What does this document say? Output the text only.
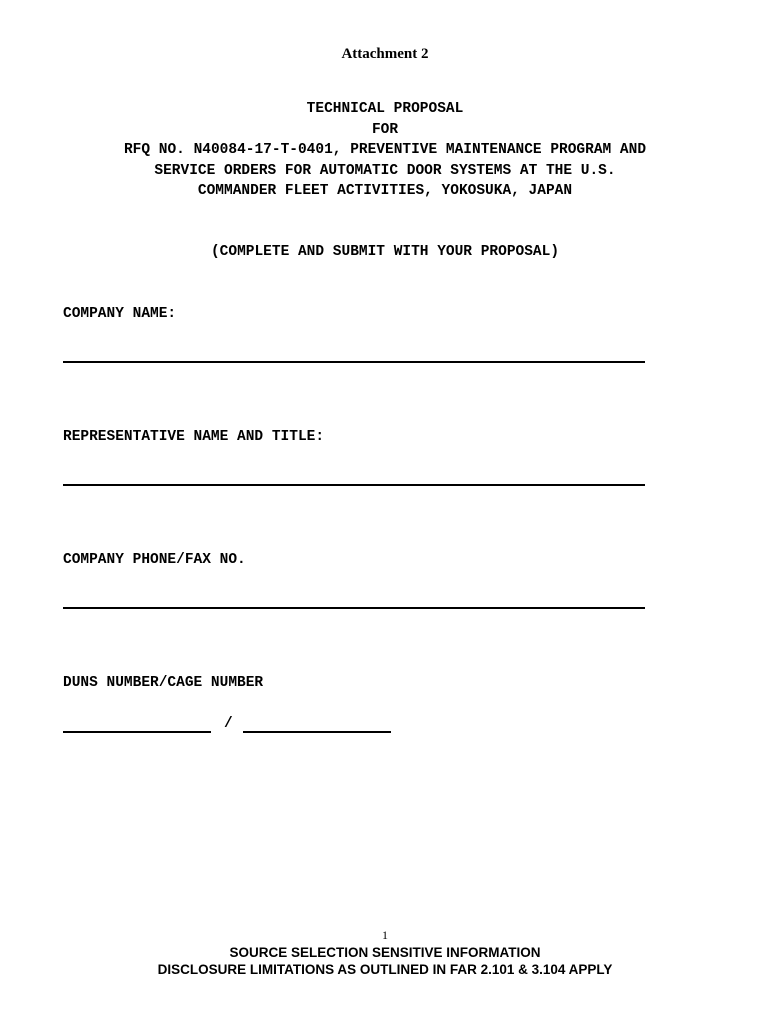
Attachment 2
TECHNICAL PROPOSAL
FOR
RFQ NO. N40084-17-T-0401, PREVENTIVE MAINTENANCE PROGRAM AND
SERVICE ORDERS FOR AUTOMATIC DOOR SYSTEMS AT THE U.S.
COMMANDER FLEET ACTIVITIES, YOKOSUKA, JAPAN
(COMPLETE AND SUBMIT WITH YOUR PROPOSAL)
COMPANY NAME:
REPRESENTATIVE NAME AND TITLE:
COMPANY PHONE/FAX NO.
DUNS NUMBER/CAGE NUMBER
/
1
SOURCE SELECTION SENSITIVE INFORMATION
DISCLOSURE LIMITATIONS AS OUTLINED IN FAR 2.101 & 3.104 APPLY
